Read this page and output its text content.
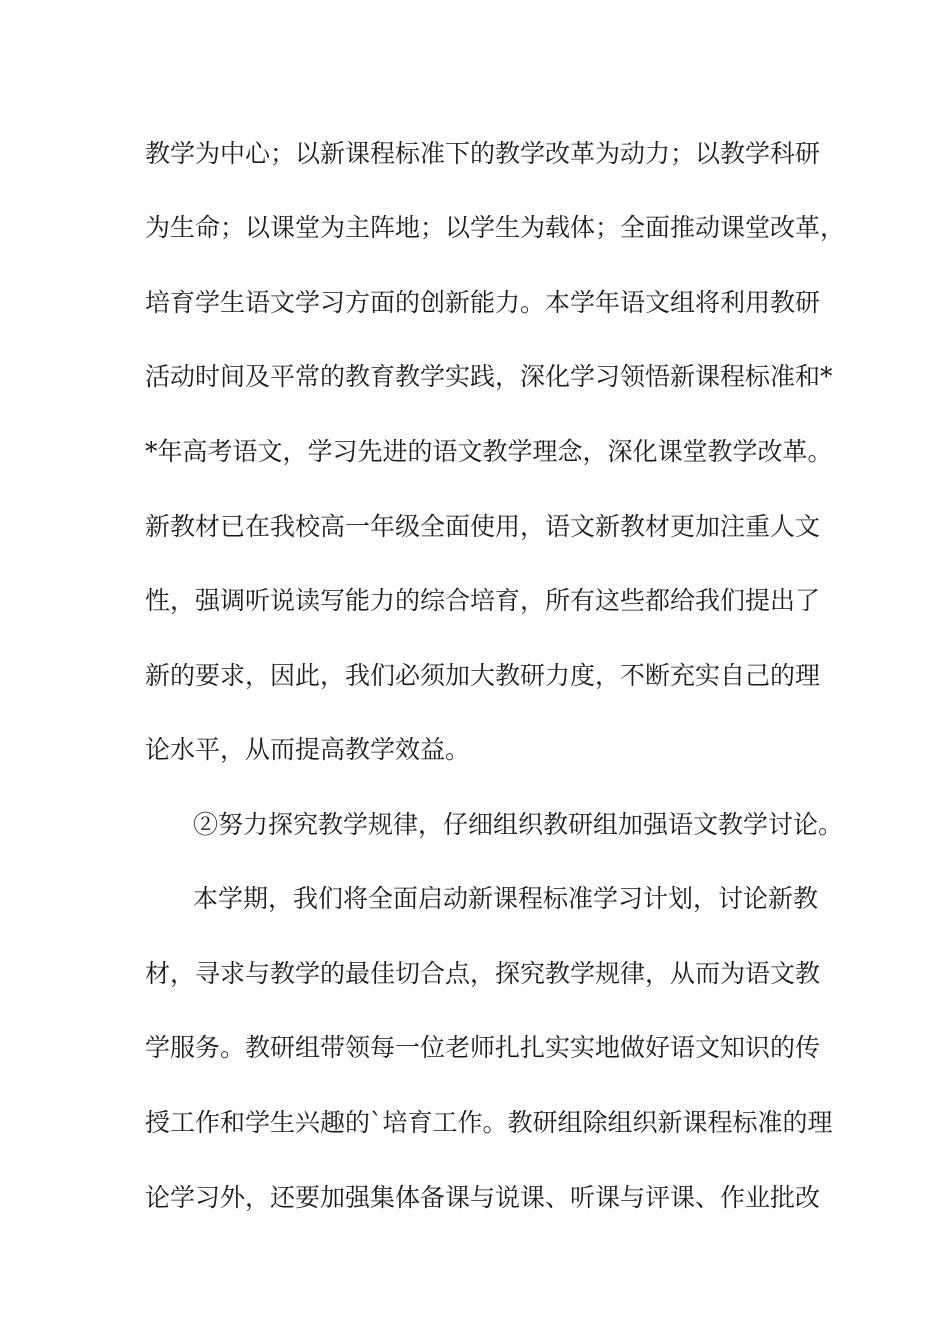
教学为中心；以新课程标准下的教学改革为动力；以教学科研
为生命；以课堂为主阵地；以学生为载体；全面推动课堂改革，
培育学生语文学习方面的创新能力。本学年语文组将利用教研
活动时间及平常的教育教学实践，深化学习领悟新课程标准和*
*年高考语文，学习先进的语文教学理念，深化课堂教学改革。
新教材已在我校高一年级全面使用，语文新教材更加注重人文
性，强调听说读写能力的综合培育，所有这些都给我们提出了
新的要求，因此，我们必须加大教研力度，不断充实自己的理
论水平，从而提高教学效益。
②努力探究教学规律，仔细组织教研组加强语文教学讨论。
本学期，我们将全面启动新课程标准学习计划，讨论新教
材，寻求与教学的最佳切合点，探究教学规律，从而为语文教
学服务。教研组带领每一位老师扎扎实实地做好语文知识的传
授工作和学生兴趣的`培育工作。教研组除组织新课程标准的理
论学习外，还要加强集体备课与说课、听课与评课、作业批改
